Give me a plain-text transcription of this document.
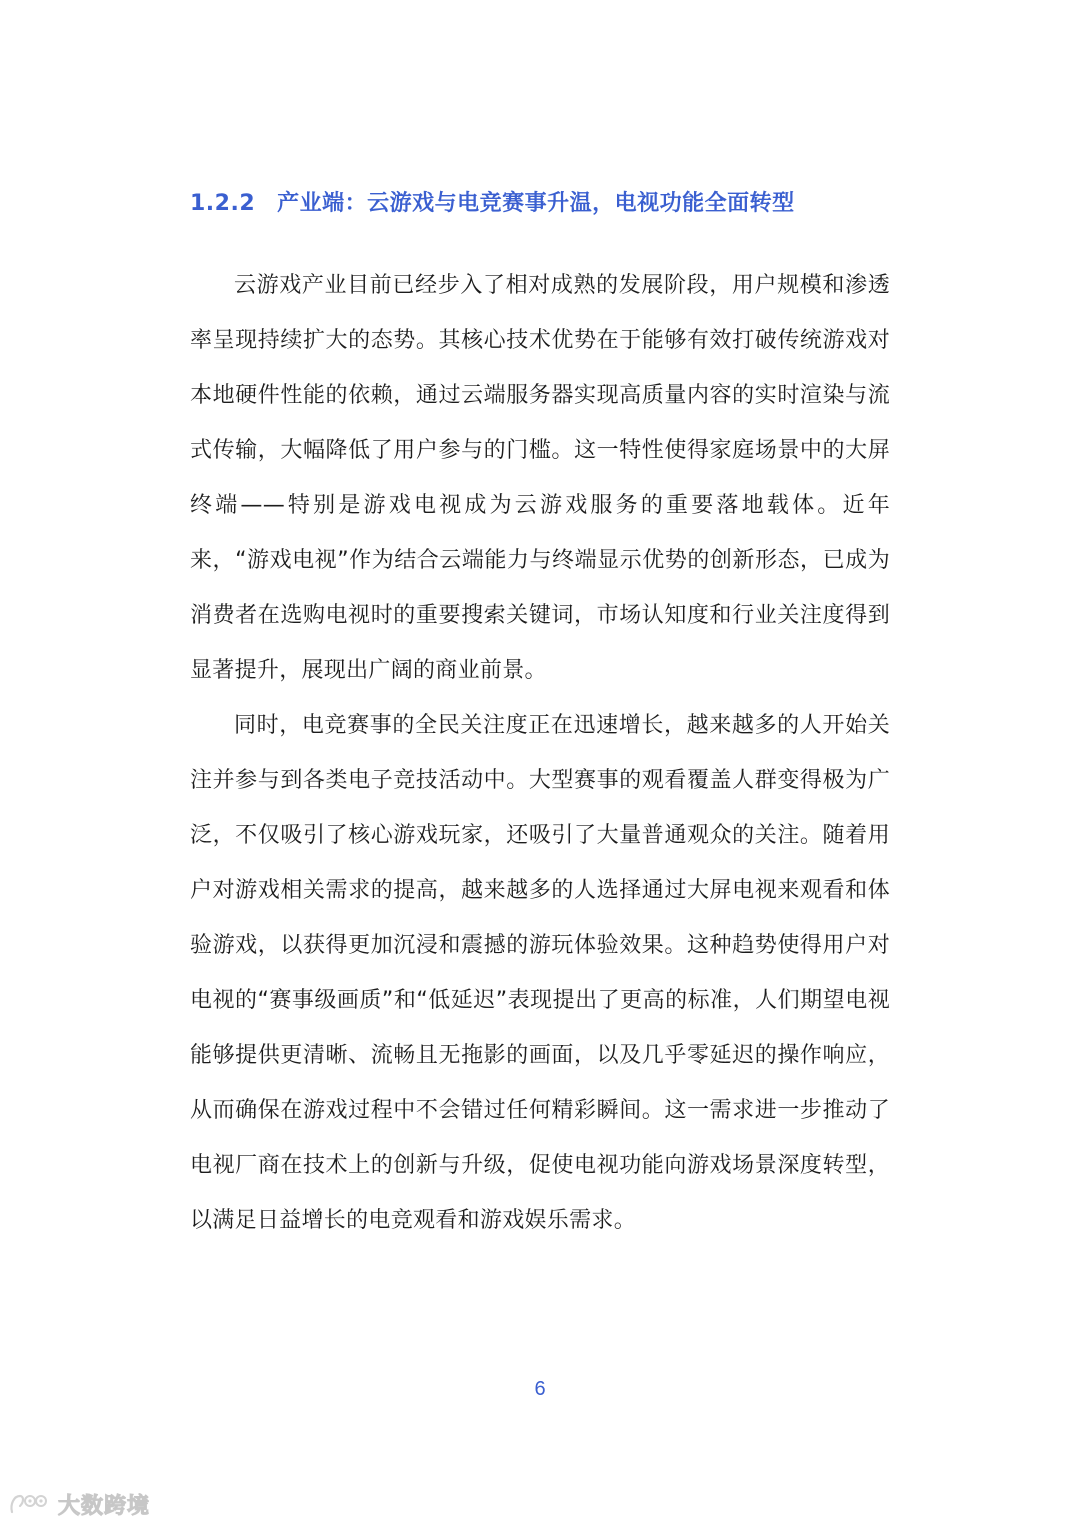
1.2.2 产业端：云游戏与电竞赛事升温，电视功能全面转型

云游戏产业目前已经步入了相对成熟的发展阶段，用户规模和渗透率呈现持续扩大的态势。其核心技术优势在于能够有效打破传统游戏对本地硬件性能的依赖，通过云端服务器实现高质量内容的实时渲染与流式传输，大幅降低了用户参与的门槛。这一特性使得家庭场景中的大屏终端——特别是游戏电视成为云游戏服务的重要落地载体。近年来，“游戏电视”作为结合云端能力与终端显示优势的创新形态，已成为消费者在选购电视时的重要搜索关键词，市场认知度和行业关注度得到显著提升，展现出广阔的商业前景。

同时，电竞赛事的全民关注度正在迅速增长，越来越多的人开始关注并参与到各类电子竞技活动中。大型赛事的观看覆盖人群变得极为广泛，不仅吸引了核心游戏玩家，还吸引了大量普通观众的关注。随着用户对游戏相关需求的提高，越来越多的人选择通过大屏电视来观看和体验游戏，以获得更加沉浸和震撼的游玩体验效果。这种趋势使得用户对电视的“赛事级画质”和“低延迟”表现提出了更高的标准，人们期望电视能够提供更清晰、流畅且无拖影的画面，以及几乎零延迟的操作响应，从而确保在游戏过程中不会错过任何精彩瞬间。这一需求进一步推动了电视厂商在技术上的创新与升级，促使电视功能向游戏场景深度转型，以满足日益增长的电竞观看和游戏娱乐需求。

6
大数跨境
